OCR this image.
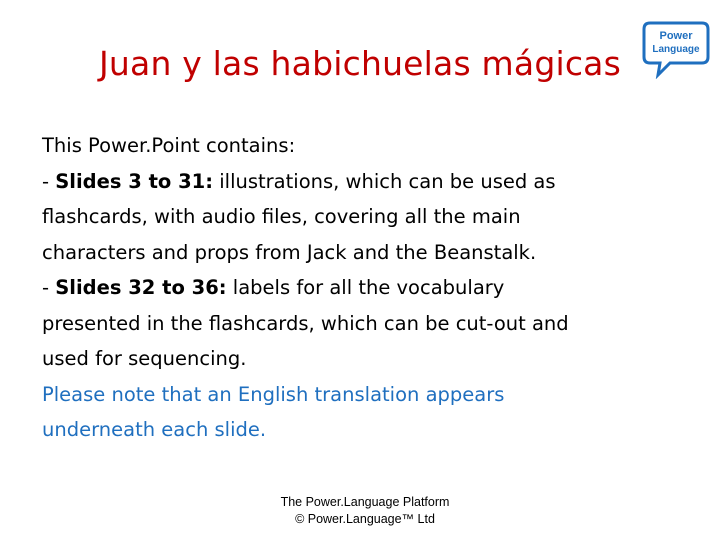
Juan y las habichuelas mágicas
Power
Language
This Power.Point contains:
- Slides 3 to 31: illustrations, which can be used as
flashcards, with audio files, covering all the main
characters and props from Jack and the Beanstalk.
- Slides 32 to 36: labels for all the vocabulary
presented in the flashcards, which can be cut-out and
used for sequencing.
Please note that an English translation appears
underneath each slide.
The Power.Language Platform
© Power.Language™ Ltd
